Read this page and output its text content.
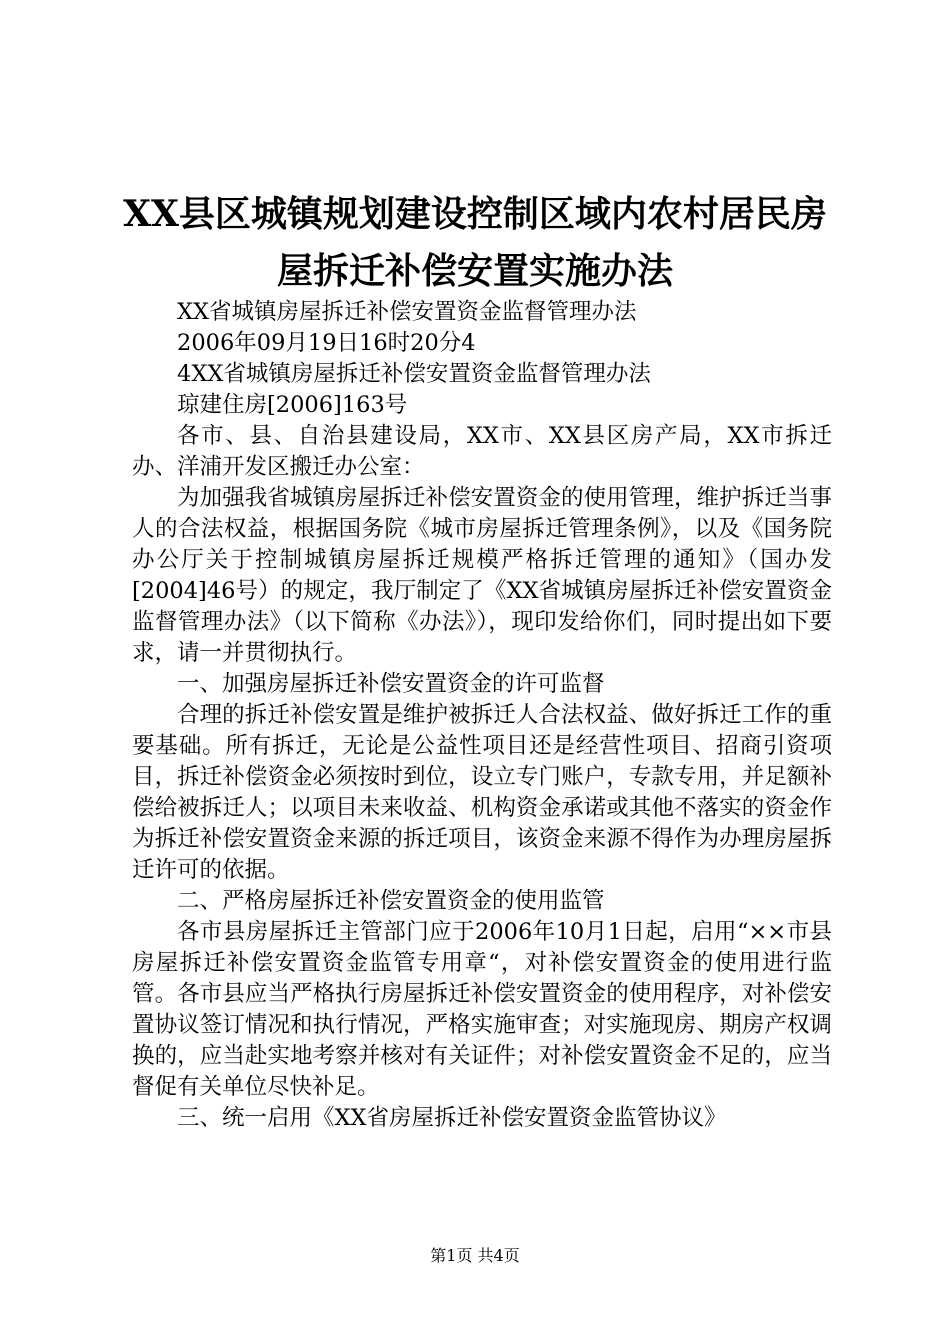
XX县区城镇规划建设控制区域内农村居民房
屋拆迁补偿安置实施办法

XX省城镇房屋拆迁补偿安置资金监督管理办法

2006年09月19日16时20分4

4XX省城镇房屋拆迁补偿安置资金监督管理办法

琼建住房[2006]163号

各市、县、自治县建设局，XX市、XX县区房产局，XX市拆迁办、洋浦开发区搬迁办公室：

为加强我省城镇房屋拆迁补偿安置资金的使用管理，维护拆迁当事人的合法权益，根据国务院《城市房屋拆迁管理条例》，以及《国务院办公厅关于控制城镇房屋拆迁规模严格拆迁管理的通知》（国办发[2004]46号）的规定，我厅制定了《XX省城镇房屋拆迁补偿安置资金监督管理办法》（以下简称《办法》），现印发给你们，同时提出如下要求，请一并贯彻执行。

一、加强房屋拆迁补偿安置资金的许可监督

合理的拆迁补偿安置是维护被拆迁人合法权益、做好拆迁工作的重要基础。所有拆迁，无论是公益性项目还是经营性项目、招商引资项目，拆迁补偿资金必须按时到位，设立专门账户，专款专用，并足额补偿给被拆迁人；以项目未来收益、机构资金承诺或其他不落实的资金作为拆迁补偿安置资金来源的拆迁项目，该资金来源不得作为办理房屋拆迁许可的依据。

二、严格房屋拆迁补偿安置资金的使用监管

各市县房屋拆迁主管部门应于2006年10月1日起，启用“××市县房屋拆迁补偿安置资金监管专用章“，对补偿安置资金的使用进行监管。各市县应当严格执行房屋拆迁补偿安置资金的使用程序，对补偿安置协议签订情况和执行情况，严格实施审查；对实施现房、期房产权调换的，应当赴实地考察并核对有关证件；对补偿安置资金不足的，应当督促有关单位尽快补足。

三、统一启用《XX省房屋拆迁补偿安置资金监管协议》

第1页 共4页
